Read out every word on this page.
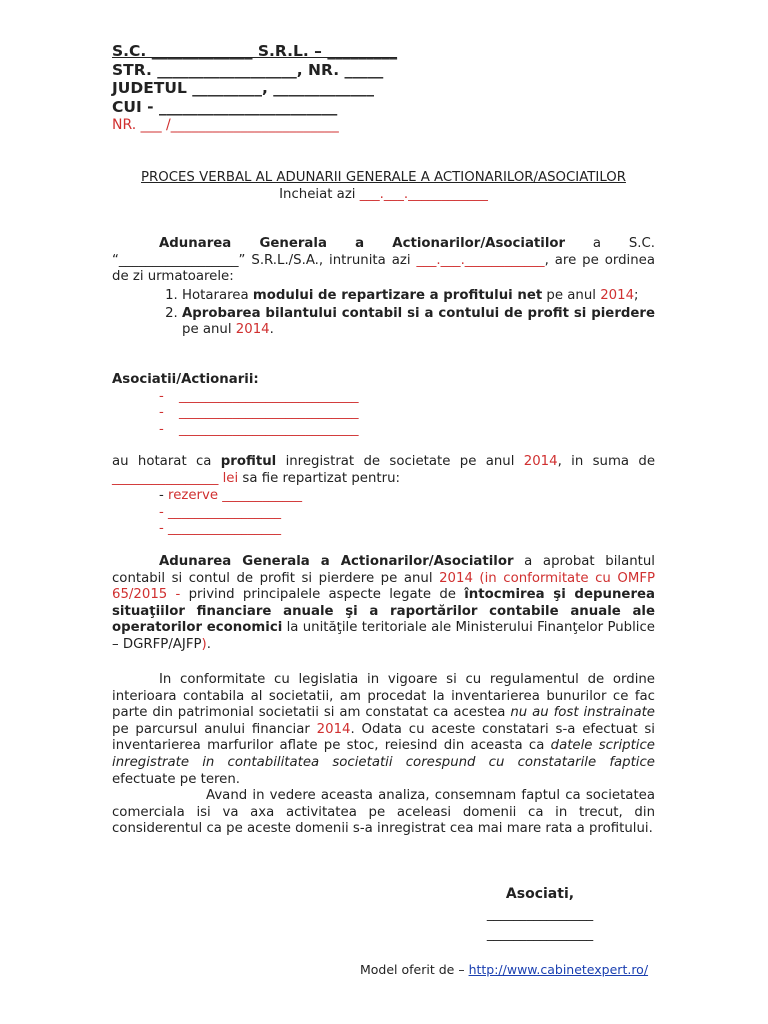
S.C. _____________ S.R.L. – _________
STR. __________________, NR. _____
JUDETUL _________, _____________
CUI - _______________________
NR. ___ /________________________
PROCES VERBAL AL ADUNARII GENERALE A ACTIONARILOR/ASOCIATILOR
Incheiat azi ___.___.____________
Adunarea Generala a Actionarilor/Asociatilor a S.C. “__________________” S.R.L./S.A., intrunita azi ___.___.____________, are pe ordinea de zi urmatoarele:
1. Hotararea modului de repartizare a profitului net pe anul 2014;
2. Aprobarea bilantului contabil si a contului de profit si pierdere pe anul 2014.
Asociatii/Actionarii:
- ___________________________
- ___________________________
- ___________________________
au hotarat ca profitul inregistrat de societate pe anul 2014, in suma de ________________ lei sa fie repartizat pentru:
- rezerve ____________
- _________________
- _________________
Adunarea Generala a Actionarilor/Asociatilor a aprobat bilantul contabil si contul de profit si pierdere pe anul 2014 (in conformitate cu OMFP 65/2015 - privind principalele aspecte legate de întocmirea şi depunerea situaţiilor financiare anuale şi a raportărilor contabile anuale ale operatorilor economici la unităţile teritoriale ale Ministerului Finanţelor Publice – DGRFP/AJFP).
In conformitate cu legislatia in vigoare si cu regulamentul de ordine interioara contabila al societatii, am procedat la inventarierea bunurilor ce fac parte din patrimonial societatii si am constatat ca acestea nu au fost instrainate pe parcursul anului financiar 2014. Odata cu aceste constatari s-a efectuat si inventarierea marfurilor aflate pe stoc, reiesind din aceasta ca datele scriptice inregistrate in contabilitatea societatii corespund cu constatarile faptice efectuate pe teren.
Avand in vedere aceasta analiza, consemnam faptul ca societatea comerciala isi va axa activitatea pe aceleasi domenii ca in trecut, din considerentul ca pe aceste domenii s-a inregistrat cea mai mare rata a profitului.
Asociati,
________________
________________
Model oferit de – http://www.cabinetexpert.ro/
